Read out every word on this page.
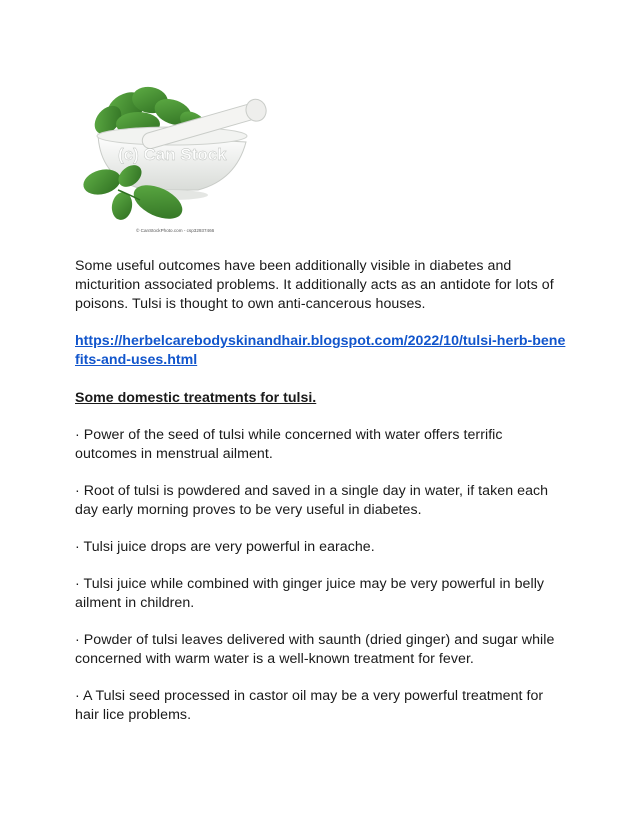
(c) Can Stock
© CanStockPhoto.com - csp32937466

Some useful outcomes have been additionally visible in diabetes and micturition associated problems. It additionally acts as an antidote for lots of poisons. Tulsi is thought to own anti-cancerous houses.

https://herbelcarebodyskinandhair.blogspot.com/2022/10/tulsi-herb-benefits-and-uses.html

Some domestic treatments for tulsi.

· Power of the seed of tulsi while concerned with water offers terrific outcomes in menstrual ailment.

· Root of tulsi is powdered and saved in a single day in water, if taken each day early morning proves to be very useful in diabetes.

· Tulsi juice drops are very powerful in earache.

· Tulsi juice while combined with ginger juice may be very powerful in belly ailment in children.

· Powder of tulsi leaves delivered with saunth (dried ginger) and sugar while concerned with warm water is a well-known treatment for fever.

· A Tulsi seed processed in castor oil may be a very powerful treatment for hair lice problems.
